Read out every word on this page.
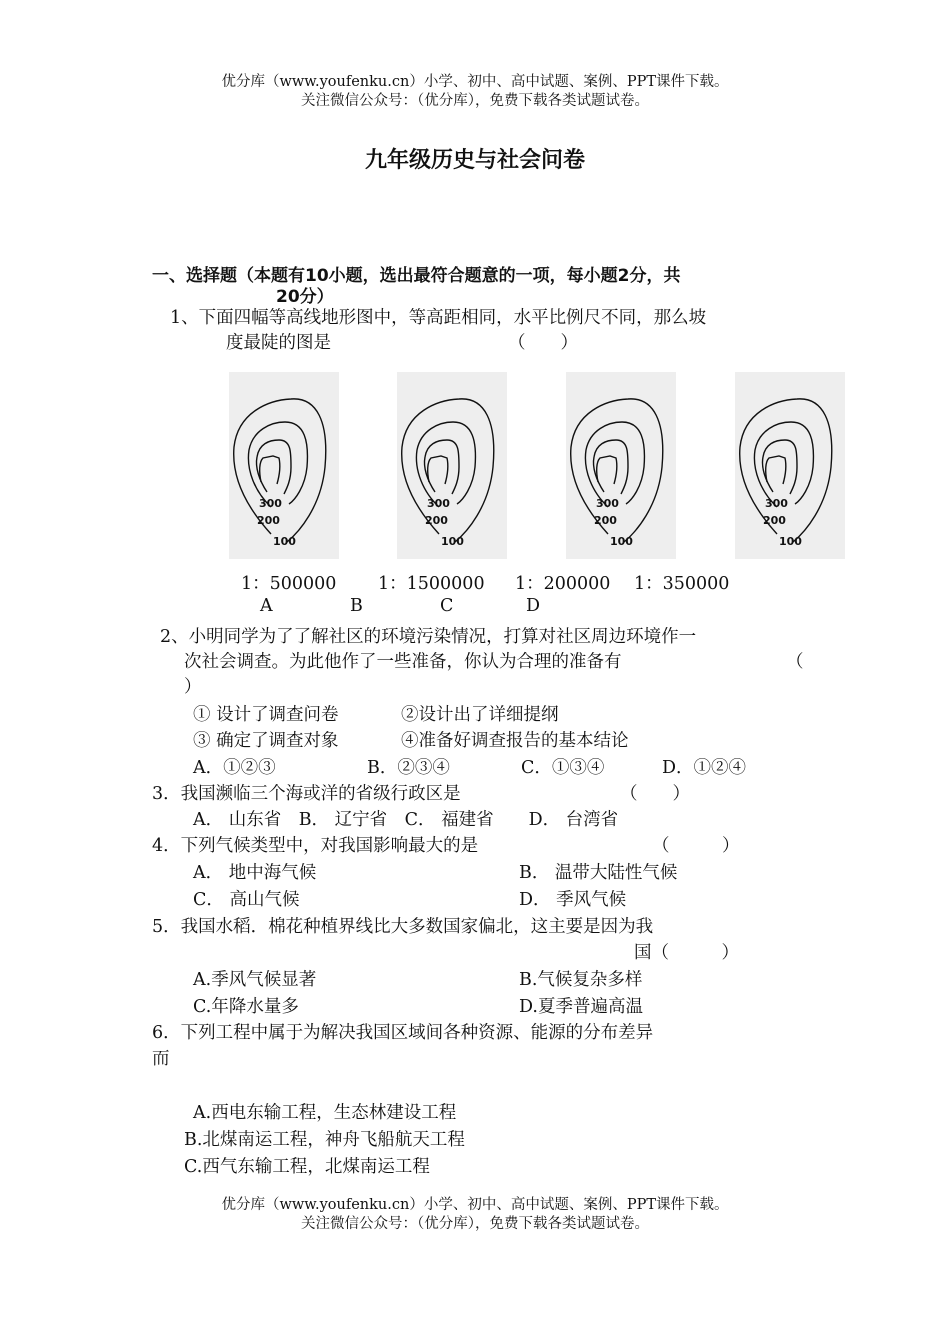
优分库（www.youfenku.cn）小学、初中、高中试题、案例、PPT课件下载。
关注微信公众号：（优分库），免费下载各类试题试卷。
九年级历史与社会问卷
一、选择题（本题有10小题，选出最符合题意的一项，每小题2分，共
20分）
1、下面四幅等高线地形图中，等高距相同，水平比例尺不同，那么坡
度最陡的图是	（　　）
300
200
100
300
200
100
300
200
100
300
200
100
1：500000 1：1500000 1：200000 1：350000
A	B	C	D
2、小明同学为了了解社区的环境污染情况，打算对社区周边环境作一
次社会调查。为此他作了一些准备，你认为合理的准备有	（
）
① 设计了调查问卷	②设计出了详细提纲
③ 确定了调查对象	④准备好调查报告的基本结论
A．①②③	B．②③④	C．①③④	D．①②④
3．我国濒临三个海或洋的省级行政区是	（　　）
A． 山东省　B． 辽宁省　C． 福建省　　D． 台湾省
4．下列气候类型中，对我国影响最大的是	（　　　）
A． 地中海气候	B． 温带大陆性气候
C． 高山气候	D． 季风气候
5．我国水稻．棉花种植界线比大多数国家偏北，这主要是因为我
国（　　　）
A.季风气候显著	B.气候复杂多样
C.年降水量多	D.夏季普遍高温
6．下列工程中属于为解决我国区域间各种资源、能源的分布差异
而
A.西电东输工程，生态林建设工程
B.北煤南运工程，神舟飞船航天工程
C.西气东输工程，北煤南运工程
优分库（www.youfenku.cn）小学、初中、高中试题、案例、PPT课件下载。
关注微信公众号：（优分库），免费下载各类试题试卷。
